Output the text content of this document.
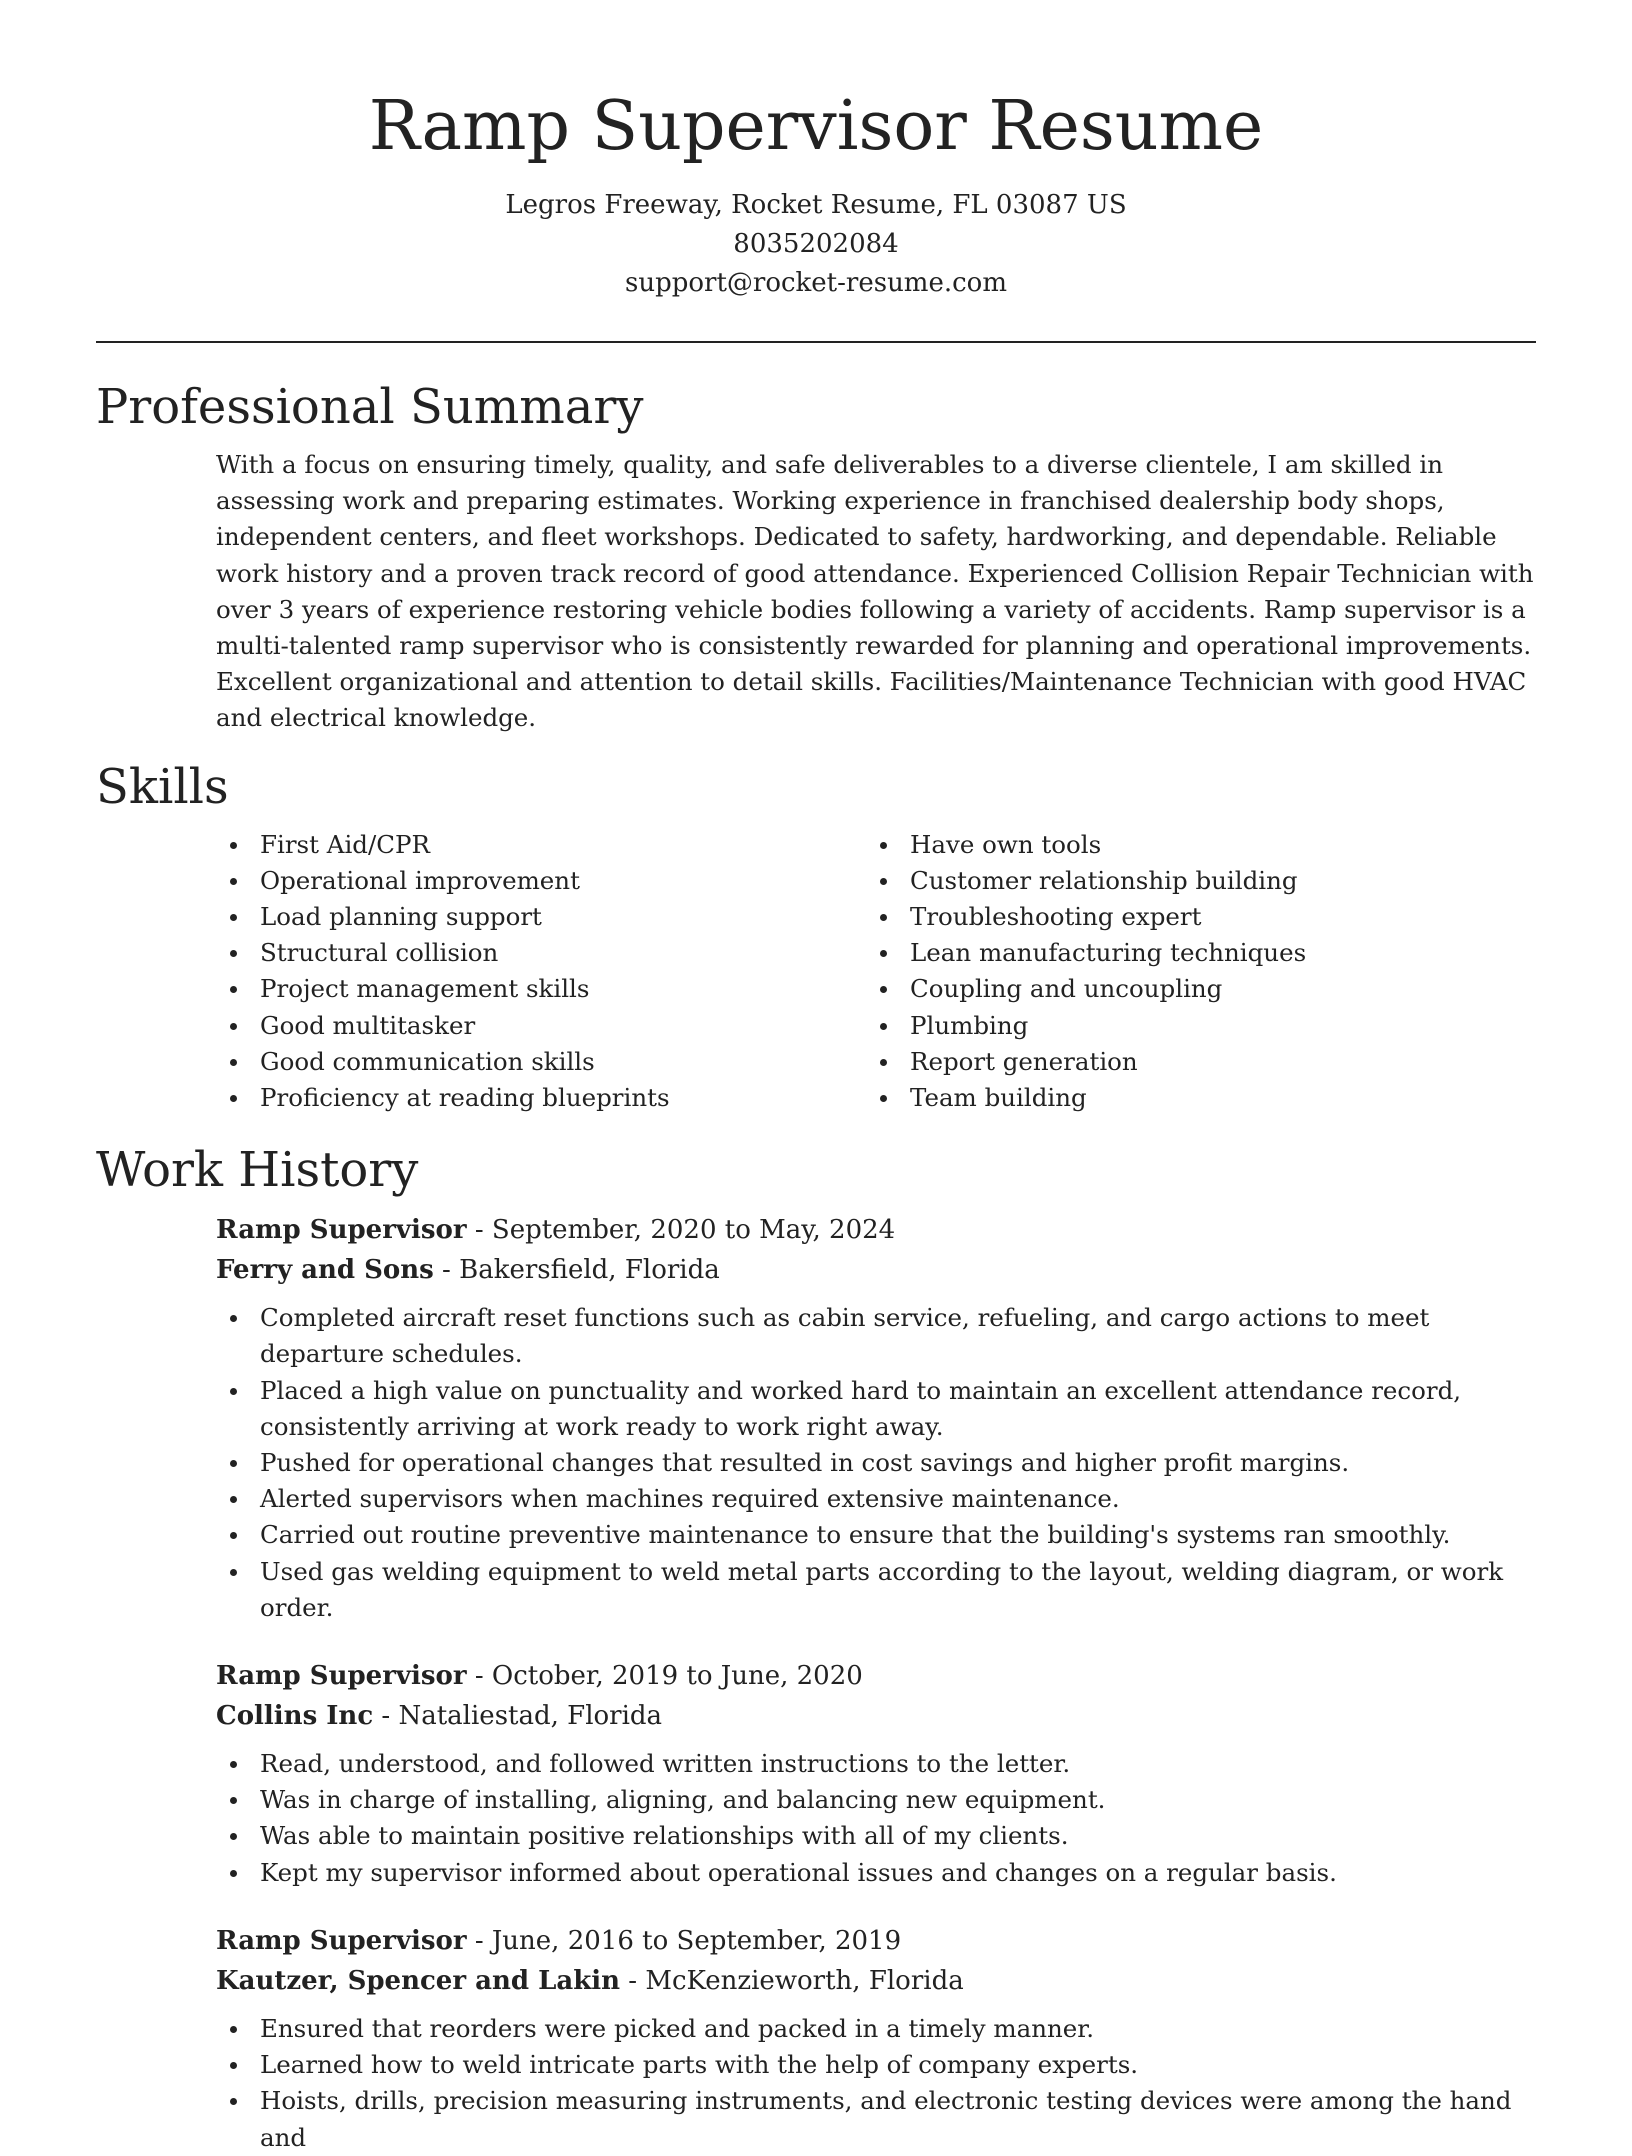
Ramp Supervisor Resume
Legros Freeway, Rocket Resume, FL 03087 US
8035202084
support@rocket-resume.com
Professional Summary
With a focus on ensuring timely, quality, and safe deliverables to a diverse clientele, I am skilled in assessing work and preparing estimates. Working experience in franchised dealership body shops, independent centers, and fleet workshops. Dedicated to safety, hardworking, and dependable. Reliable work history and a proven track record of good attendance. Experienced Collision Repair Technician with over 3 years of experience restoring vehicle bodies following a variety of accidents. Ramp supervisor is a multi-talented ramp supervisor who is consistently rewarded for planning and operational improvements. Excellent organizational and attention to detail skills. Facilities/Maintenance Technician with good HVAC and electrical knowledge.
Skills
First Aid/CPR
Operational improvement
Load planning support
Structural collision
Project management skills
Good multitasker
Good communication skills
Proficiency at reading blueprints
Have own tools
Customer relationship building
Troubleshooting expert
Lean manufacturing techniques
Coupling and uncoupling
Plumbing
Report generation
Team building
Work History
Ramp Supervisor - September, 2020 to May, 2024
Ferry and Sons - Bakersfield, Florida
Completed aircraft reset functions such as cabin service, refueling, and cargo actions to meet departure schedules.
Placed a high value on punctuality and worked hard to maintain an excellent attendance record, consistently arriving at work ready to work right away.
Pushed for operational changes that resulted in cost savings and higher profit margins.
Alerted supervisors when machines required extensive maintenance.
Carried out routine preventive maintenance to ensure that the building's systems ran smoothly.
Used gas welding equipment to weld metal parts according to the layout, welding diagram, or work order.
Ramp Supervisor - October, 2019 to June, 2020
Collins Inc - Nataliestad, Florida
Read, understood, and followed written instructions to the letter.
Was in charge of installing, aligning, and balancing new equipment.
Was able to maintain positive relationships with all of my clients.
Kept my supervisor informed about operational issues and changes on a regular basis.
Ramp Supervisor - June, 2016 to September, 2019
Kautzer, Spencer and Lakin - McKenzieworth, Florida
Ensured that reorders were picked and packed in a timely manner.
Learned how to weld intricate parts with the help of company experts.
Hoists, drills, precision measuring instruments, and electronic testing devices were among the hand and
